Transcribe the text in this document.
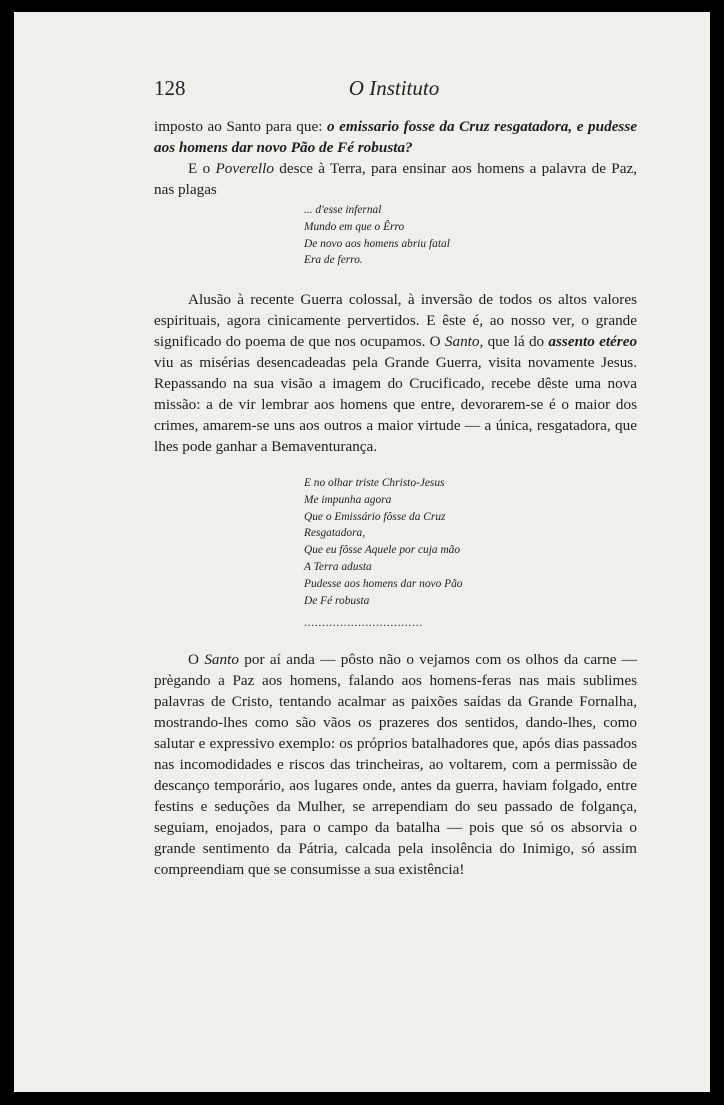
128	O Instituto

imposto ao Santo para que: o emissario fosse da Cruz resgatadora, e pudesse aos homens dar novo Pão de Fé robusta?

E o Poverello desce à Terra, para ensinar aos homens a palavra de Paz, nas plagas

... d'esse infernal
Mundo em que o Êrro
De novo aos homens abriu fatal
Era de ferro.

Alusão à recente Guerra colossal, à inversão de todos os altos valores espirituais, agora cìnicamente pervertidos. E êste é, ao nosso ver, o grande significado do poema de que nos ocupamos. O Santo, que lá do assento etéreo viu as misérias desencadeadas pela Grande Guerra, visita novamente Jesus. Repassando na sua visão a imagem do Crucificado, recebe dêste uma nova missão: a de vir lembrar aos homens que entre, devorarem-se é o maior dos crimes, amarem-se uns aos outros a maior virtude — a única, resgatadora, que lhes pode ganhar a Bemaventurança.

E no olhar triste Christo-Jesus
Me impunha agora
Que o Emissário fôsse da Cruz
Resgatadora,
Que eu fôsse Aquele por cuja mão
A Terra adusta
Pudesse aos homens dar novo Pão
De Fé robusta
.................................

O Santo por aí anda — pôsto não o vejamos com os olhos da carne — prègando a Paz aos homens, falando aos homens-feras nas mais sublimes palavras de Cristo, tentando acalmar as paixões saídas da Grande Fornalha, mostrando-lhes como são vãos os prazeres dos sentidos, dando-lhes, como salutar e expressivo exemplo: os próprios batalhadores que, após dias passados nas incomodidades e riscos das trincheiras, ao voltarem, com a permissão de descanço temporário, aos lugares onde, antes da guerra, haviam folgado, entre festins e seduções da Mulher, se arrependiam do seu passado de folgança, seguiam, enojados, para o campo da batalha — pois que só os absorvia o grande sentimento da Pátria, calcada pela insolência do Inimigo, só assim compreendiam que se consumisse a sua existência!
